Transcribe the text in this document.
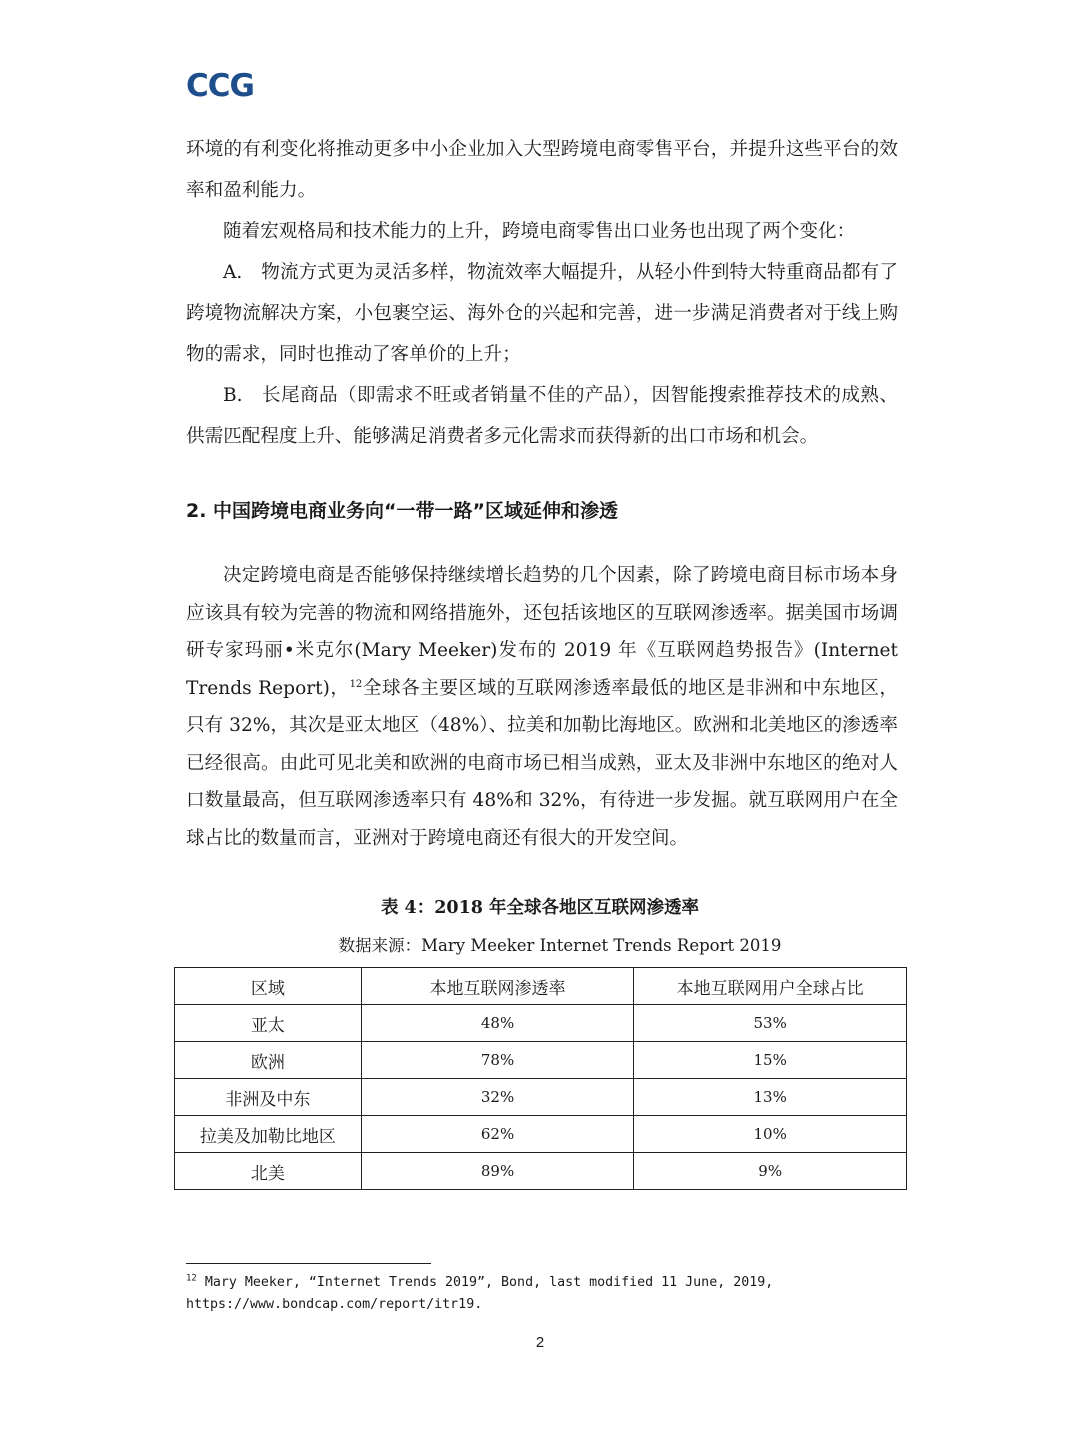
CCG

环境的有利变化将推动更多中小企业加入大型跨境电商零售平台，并提升这些平台的效率和盈利能力。

随着宏观格局和技术能力的上升，跨境电商零售出口业务也出现了两个变化：

A.　物流方式更为灵活多样，物流效率大幅提升，从轻小件到特大特重商品都有了跨境物流解决方案，小包裹空运、海外仓的兴起和完善，进一步满足消费者对于线上购物的需求，同时也推动了客单价的上升；

B.　长尾商品（即需求不旺或者销量不佳的产品），因智能搜索推荐技术的成熟、供需匹配程度上升、能够满足消费者多元化需求而获得新的出口市场和机会。

2. 中国跨境电商业务向“一带一路”区域延伸和渗透

决定跨境电商是否能够保持继续增长趋势的几个因素，除了跨境电商目标市场本身应该具有较为完善的物流和网络措施外，还包括该地区的互联网渗透率。据美国市场调研专家玛丽•米克尔(Mary Meeker)发布的 2019 年《互联网趋势报告》(Internet Trends Report)，$^{12}$全球各主要区域的互联网渗透率最低的地区是非洲和中东地区，只有 32%，其次是亚太地区（48%）、拉美和加勒比海地区。欧洲和北美地区的渗透率已经很高。由此可见北美和欧洲的电商市场已相当成熟，亚太及非洲中东地区的绝对人口数量最高，但互联网渗透率只有 48%和 32%，有待进一步发掘。就互联网用户在全球占比的数量而言，亚洲对于跨境电商还有很大的开发空间。

表 4：2018 年全球各地区互联网渗透率

数据来源：Mary Meeker Internet Trends Report 2019

区域	本地互联网渗透率	本地互联网用户全球占比
亚太	48%	53%
欧洲	78%	15%
非洲及中东	32%	13%
拉美及加勒比地区	62%	10%
北美	89%	9%
$^{12}$ Mary Meeker, “Internet Trends 2019”, Bond, last modified 11 June, 2019,
https://www.bondcap.com/report/itr19.
2
